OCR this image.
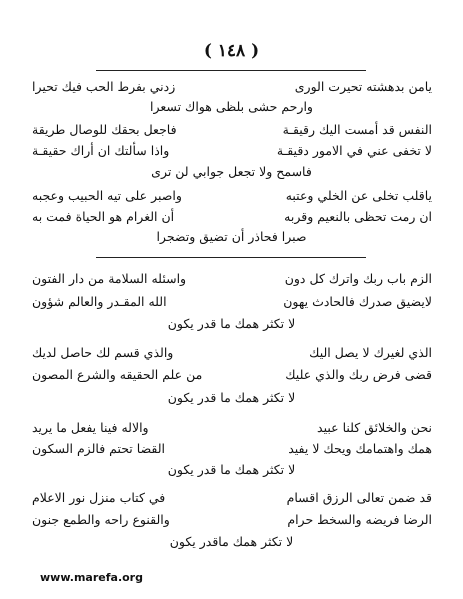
( ١٤٨ )
يامن بدهشته تحيرت الورى
زدني بفرط الحب فيك تحيرا
وارحم حشى بلظى هواك تسعرا
النفس قد أمست اليك رقيقـة
فاجعل بحقك للوصال طريقة
لا تخفى عني في الامور دقيقـة
واذا سألتك ان أراك حقيقـة
فاسمح ولا تجعل جوابي لن ترى
ياقلب تخلى عن الخلي وعتبه
واصبر على تيه الحبيب وعجبه
ان رمت تحظى بالنعيم وقربه
أن الغرام هو الحياة فمت به
صبرا فحاذر أن تضيق وتضجرا
الزم باب ربك واترك كل دون
واسئله السلامة من دار الفتون
لايضيق صدرك فالحادث يهون
الله المقـدر والعالم شؤون
لا تكثر همك ما قدر يكون
الذي لغيرك لا يصل اليك
والذي قسم لك حاصل لديك
قضى فرض ربك والذي عليك
من علم الحقيقه والشرع المصون
لا تكثر همك ما قدر يكون
نحن والخلائق كلنا عبيد
والاله فينا يفعل ما يريد
همك واهتمامك ويحك لا يفيد
القضا تحتم فالزم السكون
لا تكثر همك ما قدر يكون
قد ضمن تعالى الرزق اقسام
في كتاب منزل نور الاعلام
الرضا فريضه والسخط حرام
والقنوع راحه والطمع جنون
لا تكثر همك ماقدر يكون
www.marefa.org
